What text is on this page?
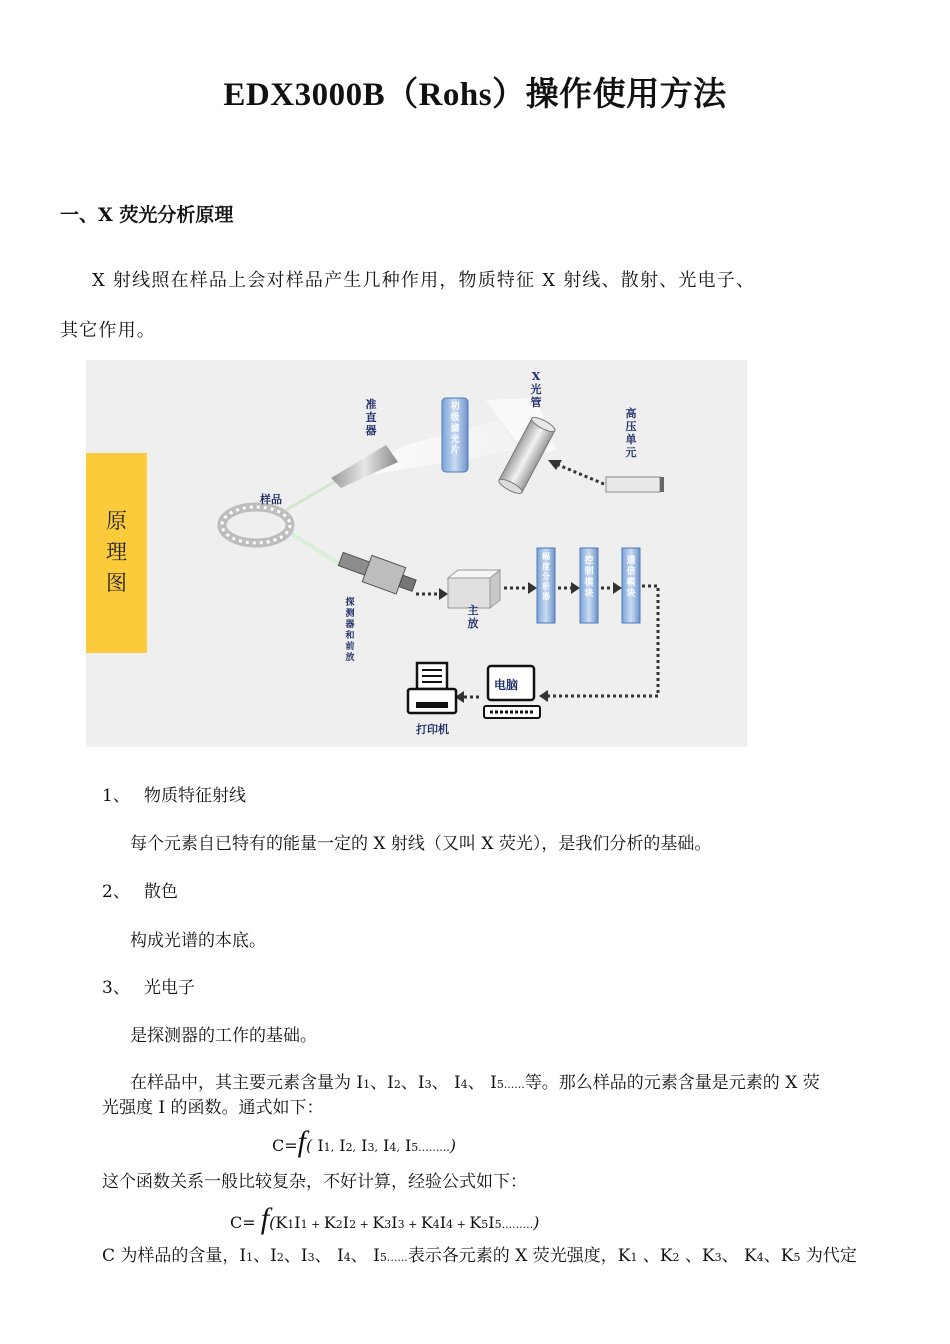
EDX3000B（Rohs）操作使用方法
一、X 荧光分析原理
X 射线照在样品上会对样品产生几种作用，物质特征 X 射线、散射、光电子、
其它作用。
原
理
图
准直器
初级滤光片
X光管
高压单元
样品
探测器和前放
主放
幅度分析器
控制模块
通信模块
电脑
打印机
1、 物质特征射线
每个元素自已特有的能量一定的 X 射线（又叫 X 荧光），是我们分析的基础。
2、 散色
构成光谱的本底。
3、 光电子
是探测器的工作的基础。
在样品中，其主要元素含量为 I1、I2、I3、 I4、 I5......等。那么样品的元素含量是元素的 X 荧
光强度 I 的函数。通式如下：
C=f( I1, I2, I3, I4, I5.........)
这个函数关系一般比较复杂，不好计算，经验公式如下：
C= f(K1I1 + K2I2 + K3I3 + K4I4 + K5I5.........)
C 为样品的含量，I1、I2、I3、 I4、 I5......表示各元素的 X 荧光强度，K1 、K2 、K3、 K4、K5 为代定
